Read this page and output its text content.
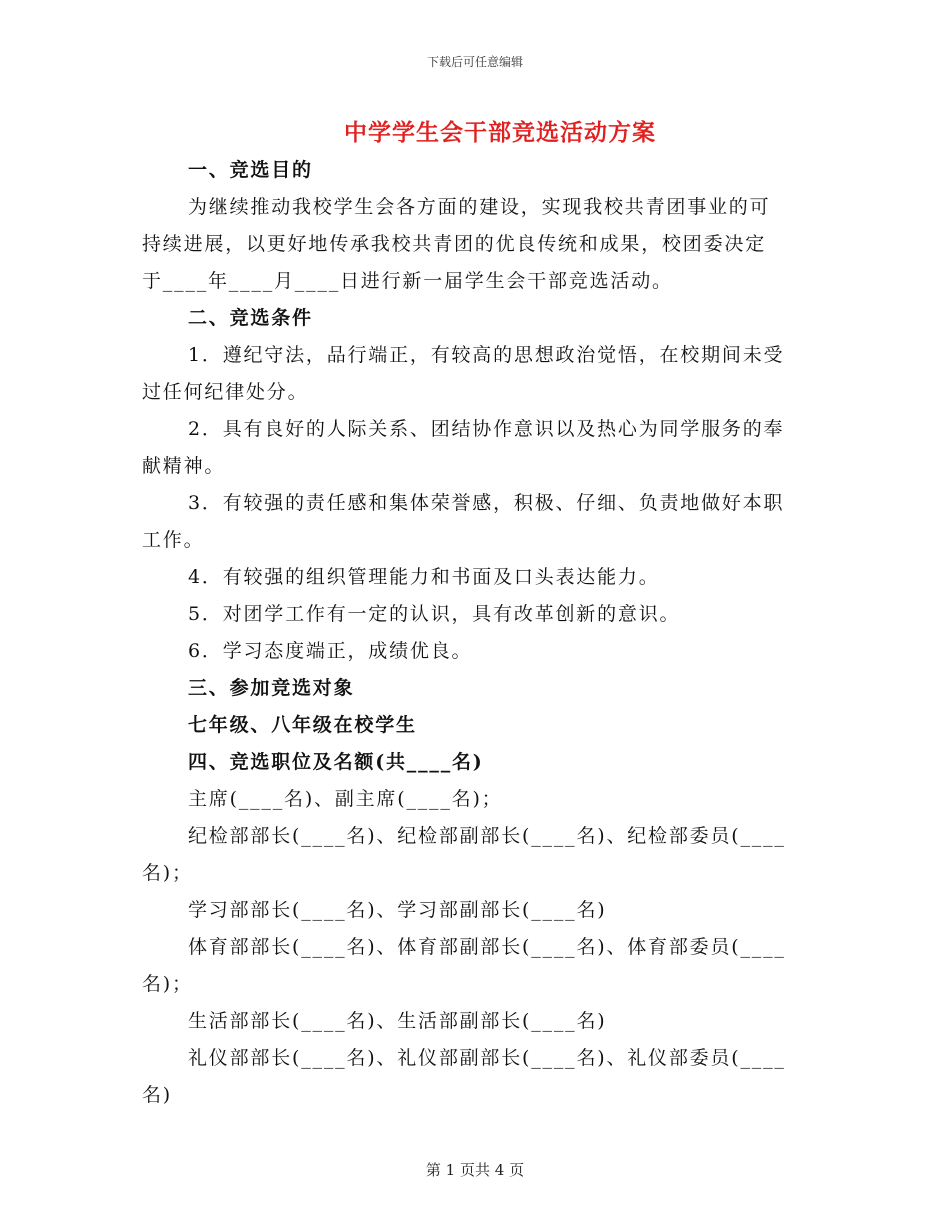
下载后可任意编辑
中学学生会干部竞选活动方案
一、竞选目的
为继续推动我校学生会各方面的建设，实现我校共青团事业的可
持续进展，以更好地传承我校共青团的优良传统和成果，校团委决定
于____年____月____日进行新一届学生会干部竞选活动。
二、竞选条件
1．遵纪守法，品行端正，有较高的思想政治觉悟，在校期间未受
过任何纪律处分。
2．具有良好的人际关系、团结协作意识以及热心为同学服务的奉
献精神。
3．有较强的责任感和集体荣誉感，积极、仔细、负责地做好本职
工作。
4．有较强的组织管理能力和书面及口头表达能力。
5．对团学工作有一定的认识，具有改革创新的意识。
6．学习态度端正，成绩优良。
三、参加竞选对象
七年级、八年级在校学生
四、竞选职位及名额(共____名)
主席(____名)、副主席(____名)；
纪检部部长(____名)、纪检部副部长(____名)、纪检部委员(____
名)；
学习部部长(____名)、学习部副部长(____名)
体育部部长(____名)、体育部副部长(____名)、体育部委员(____
名)；
生活部部长(____名)、生活部副部长(____名)
礼仪部部长(____名)、礼仪部副部长(____名)、礼仪部委员(____
名)
第 1 页共 4 页
